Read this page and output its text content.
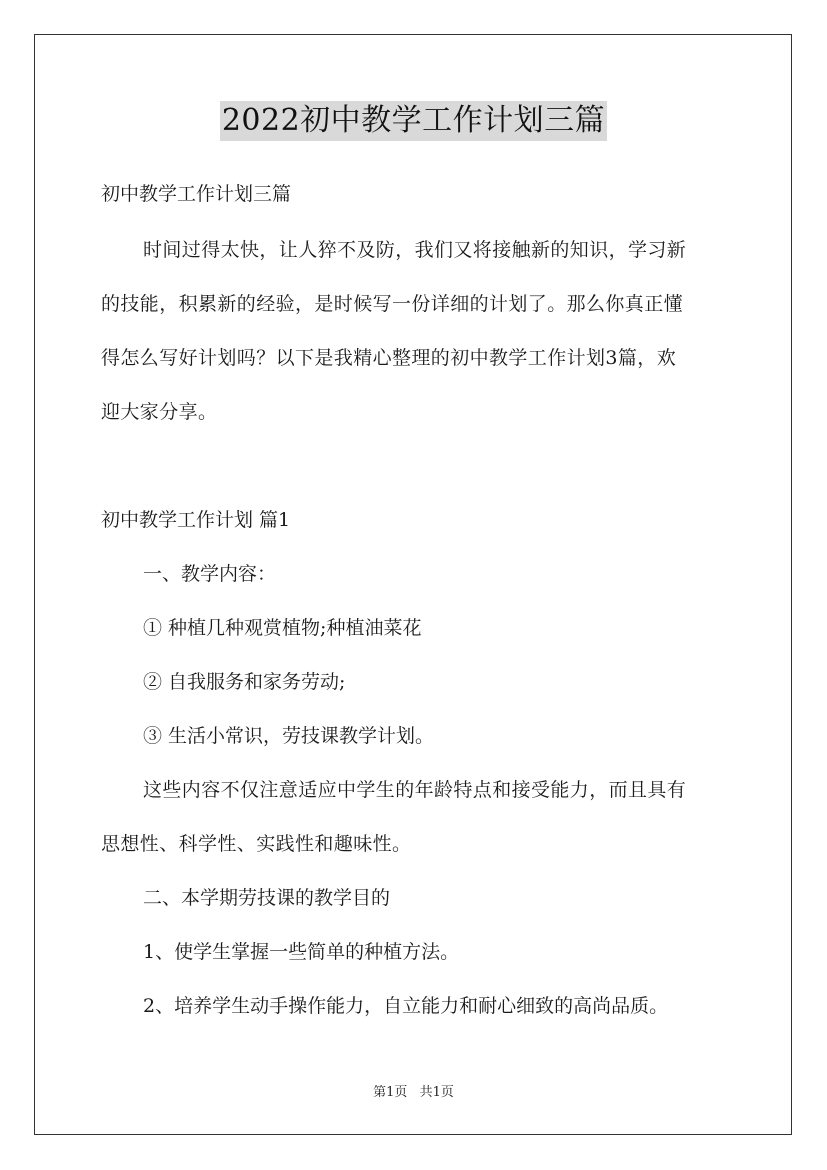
2022初中教学工作计划三篇
初中教学工作计划三篇
时间过得太快，让人猝不及防，我们又将接触新的知识，学习新
的技能，积累新的经验，是时候写一份详细的计划了。那么你真正懂
得怎么写好计划吗？以下是我精心整理的初中教学工作计划3篇，欢
迎大家分享。
初中教学工作计划 篇1
一、教学内容：
① 种植几种观赏植物;种植油菜花
② 自我服务和家务劳动;
③ 生活小常识，劳技课教学计划。
这些内容不仅注意适应中学生的年龄特点和接受能力，而且具有
思想性、科学性、实践性和趣味性。
二、本学期劳技课的教学目的
1、使学生掌握一些简单的种植方法。
2、培养学生动手操作能力，自立能力和耐心细致的高尚品质。
第1页 共1页
